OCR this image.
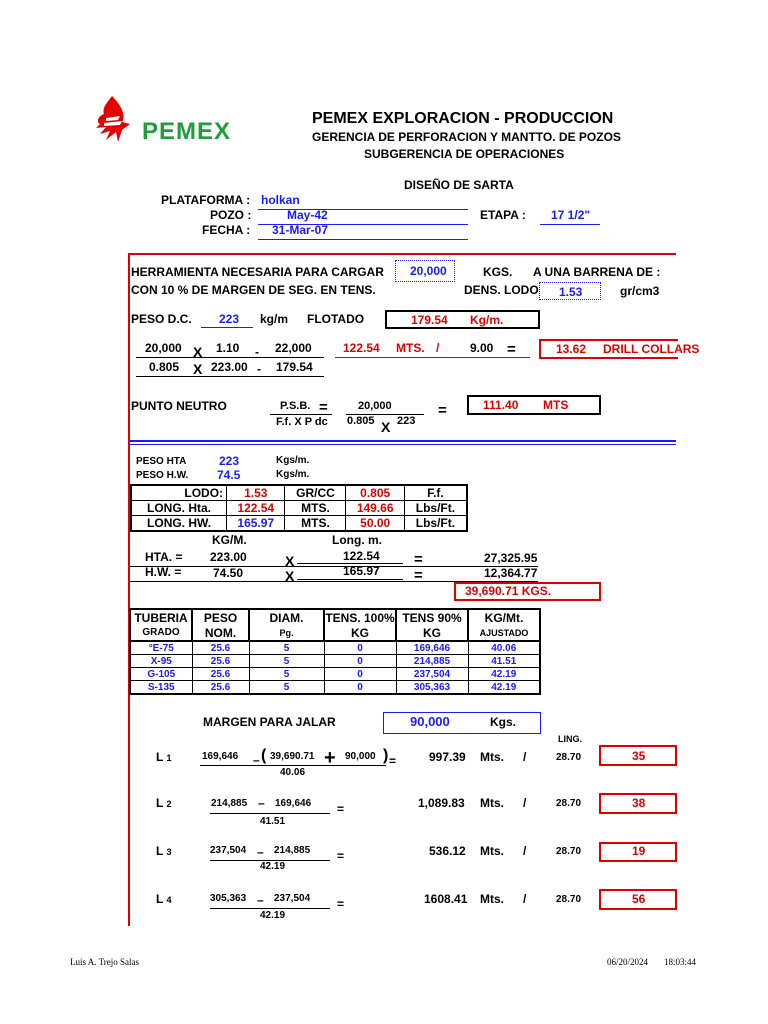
PEMEX	PEMEX EXPLORACION - PRODUCCION
GERENCIA DE PERFORACION Y MANTTO. DE POZOS
SUBGERENCIA DE OPERACIONES
DISEÑO DE SARTA
PLATAFORMA : holkan
POZO :	May-42
FECHA : 31-Mar-07
ETAPA : 17 1/2"
HERRAMIENTA NECESARIA PARA CARGAR 20,000	KGS. A UNA BARRENA DE :
CON 10 % DE MARGEN DE SEG. EN TENS.	DENS. LODO 1.53	gr/cm3
PESO D.C. 223 kg/m FLOTADO	179.54 Kg/m.
20,000 X 1.10 - 22,000	122.54 MTS. /	9.00 =	13.62 DRILL COLLARS
0.805 X 223.00 - 179.54
PUNTO NEUTRO	P.S.B.
F.f. X P dc
=	20,000
0.805 X 223
=	111.40 MTS
PESO HTA	223	Kgs/m.
PESO H.W. 74.5	Kgs/m.
LODO:	1.53	GR/CC	0.805	F.f.
LONG. Hta.	122.54	MTS.	149.66	Lbs/Ft.
LONG. HW.	165.97	MTS.	50.00	Lbs/Ft.
KG/M.	Long. m.
HTA. = 223.00	X	122.54 =	27,325.95
H.W. =	74.50	X	165.97 =	12,364.77
39,690.71 KGS.
TUBERIA	PESO	DIAM.	TENS. 100%	TENS 90%	KG/Mt.
GRADO	NOM.	Pg.	KG	KG	AJUSTADO
°E-75	25.6	5	0	169,646	40.06
X-95	25.6	5	0	214,885	41.51
G-105	25.6	5	0	237,504	42.19
S-135	25.6	5	0	305,363	42.19
MARGEN PARA JALAR	90,000	Kgs.
LING.
L 1	169,646 – ( 39,690.71 + 90,000 ) =
40.06
997.39 Mts. /	28.70	35
L 2	214,885 – 169,646
41.51
=	1,089.83 Mts. /	28.70	38
L 3	237,504 – 214,885
42.19
=	536.12 Mts. /	28.70	19
L 4	305,363 – 237,504
42.19
=	1608.41 Mts. /	28.70	56
Luis A. Trejo Salas	06/20/2024 18:03:44
